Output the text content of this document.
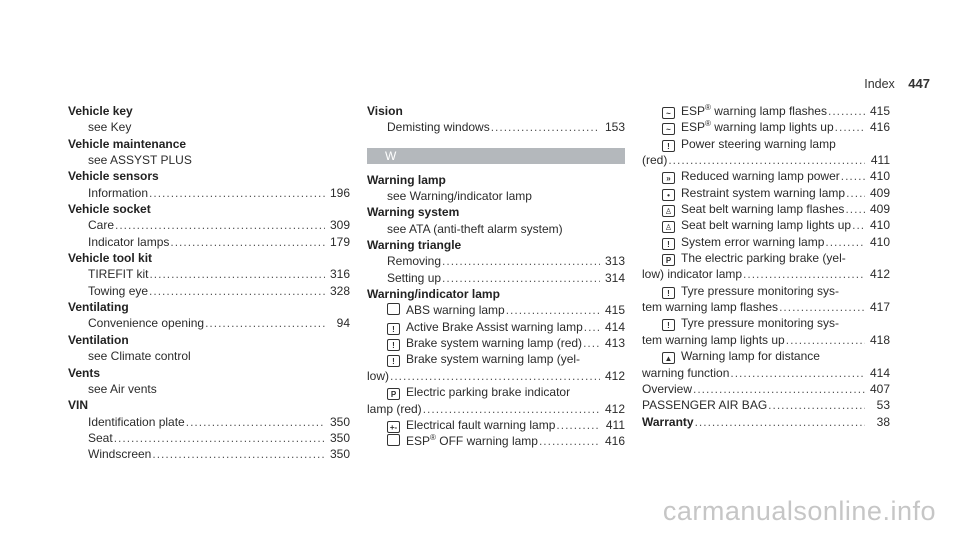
Index 447
Vehicle key
see Key
Vehicle maintenance
see ASSYST PLUS
Vehicle sensors
Information .....	196
Vehicle socket
Care .....	309
Indicator lamps .....	179
Vehicle tool kit
TIREFIT kit .....	316
Towing eye .....	328
Ventilating
Convenience opening .....	94
Ventilation
see Climate control
Vents
see Air vents
VIN
Identification plate .....	350
Seat .....	350
Windscreen .....	350
Vision
Demisting windows .....	153
W
Warning lamp
see Warning/indicator lamp
Warning system
see ATA (anti-theft alarm system)
Warning triangle
Removing .....	313
Setting up .....	314
Warning/indicator lamp
ABS warning lamp .....	415
! Active Brake Assist warning lamp ..... 414
! Brake system warning lamp (red) ..... 413
! Brake system warning lamp (yel-
low) .....	412
P Electric parking brake indicator
lamp (red) .....	412
+- Electrical fault warning lamp .....	411
ESP® OFF warning lamp .....	416
~ ESP® warning lamp flashes .....	415
~ ESP® warning lamp lights up .....	416
! Power steering warning lamp
(red) .....	411
» Reduced warning lamp power .....	410
• Restraint system warning lamp ..... 409
♙ Seat belt warning lamp flashes ..... 409
♙ Seat belt warning lamp lights up ..... 410
! System error warning lamp .....	410
P The electric parking brake (yel-
low) indicator lamp .....	412
! Tyre pressure monitoring sys-
tem warning lamp flashes .....	417
! Tyre pressure monitoring sys-
tem warning lamp lights up .....	418
▲ Warning lamp for distance
warning function .....	414
Overview .....	407
PASSENGER AIR BAG .....	53
Warranty .....	38
carmanualsonline.info
